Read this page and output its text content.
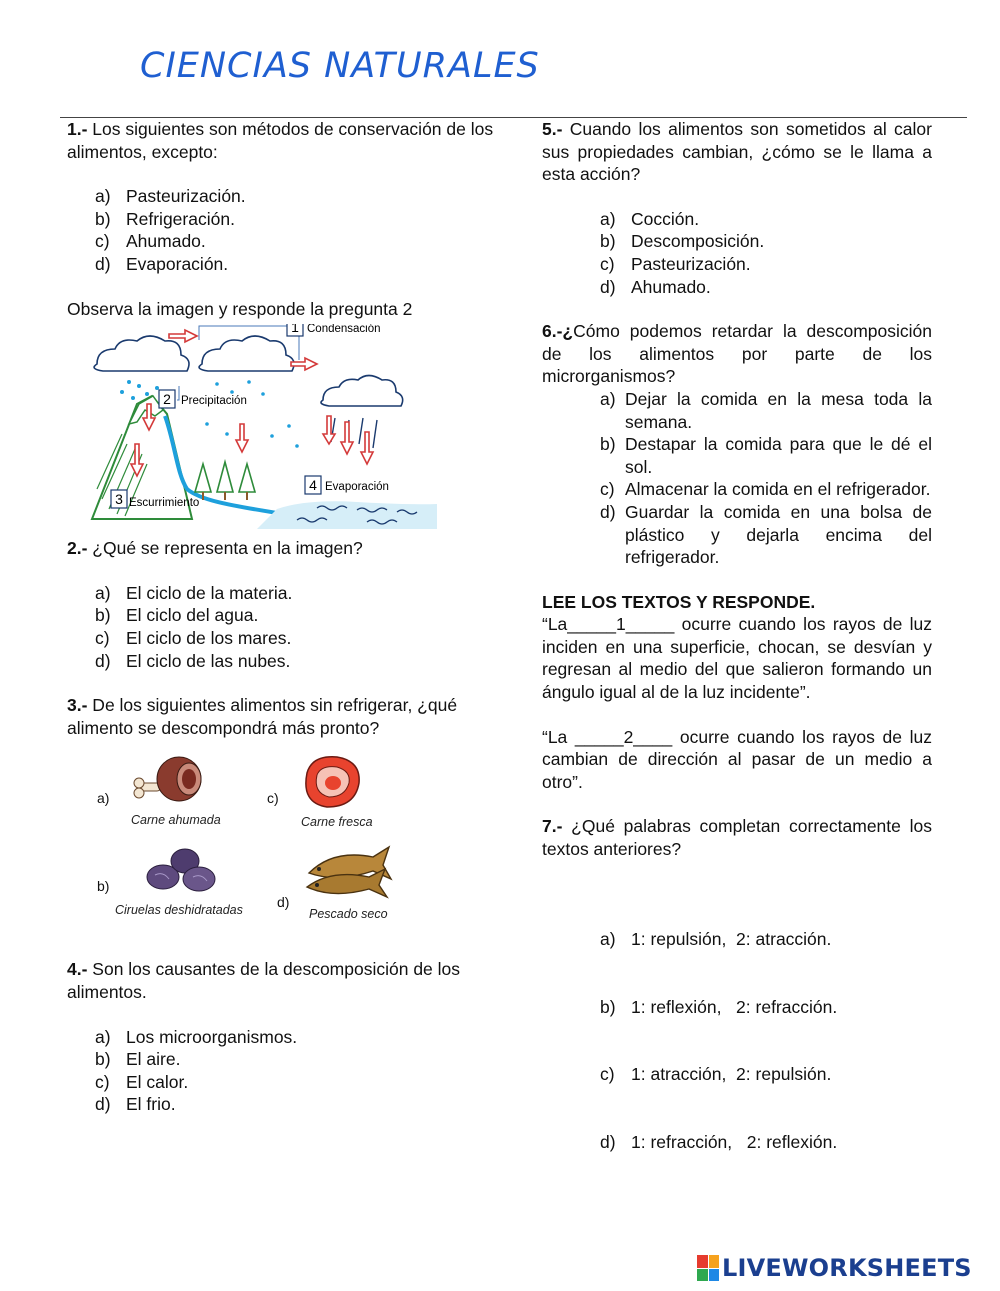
CIENCIAS NATURALES

1.- Los siguientes son métodos de conservación de los alimentos, excepto:

a) Pasteurización.
b) Refrigeración.
c) Ahumado.
d) Evaporación.

Observa la imagen y responde la pregunta 2

1 Condensación
2 Precipitación
3 Escurrimiento
4 Evaporación

2.- ¿Qué se representa en la imagen?

a) El ciclo de la materia.
b) El ciclo del agua.
c) El ciclo de los mares.
d) El ciclo de las nubes.

3.- De los siguientes alimentos sin refrigerar, ¿qué alimento se descompondrá más pronto?

a)
Carne ahumada
c)
Carne fresca
b)
Ciruelas deshidratadas d)
Pescado seco

4.- Son los causantes de la descomposición de los alimentos.

a) Los microorganismos.
b) El aire.
c) El calor.
d) El frio.

5.- Cuando los alimentos son sometidos al calor sus propiedades cambian, ¿cómo se le llama a esta acción?

a) Cocción.
b) Descomposición.
c) Pasteurización.
d) Ahumado.

6.-¿Cómo podemos retardar la descomposición de los alimentos por parte de los microrganismos?

a) Dejar la comida en la mesa toda la semana.
b) Destapar la comida para que le dé el sol.
c) Almacenar la comida en el refrigerador.
d) Guardar la comida en una bolsa de plástico y dejarla encima del refrigerador.

LEE LOS TEXTOS Y RESPONDE.

“La_____1_____ ocurre cuando los rayos de luz inciden en una superficie, chocan, se desvían y regresan al medio del que salieron formando un ángulo igual al de la luz incidente”.

“La _____2____ ocurre cuando los rayos de luz cambian de dirección al pasar de un medio a otro”.

7.- ¿Qué palabras completan correctamente los textos anteriores?

a) 1: repulsión,  2: atracción.

b) 1: reflexión,   2: refracción.

c) 1: atracción,  2: repulsión.

d) 1: refracción,   2: reflexión.

LIVEWORKSHEETS
